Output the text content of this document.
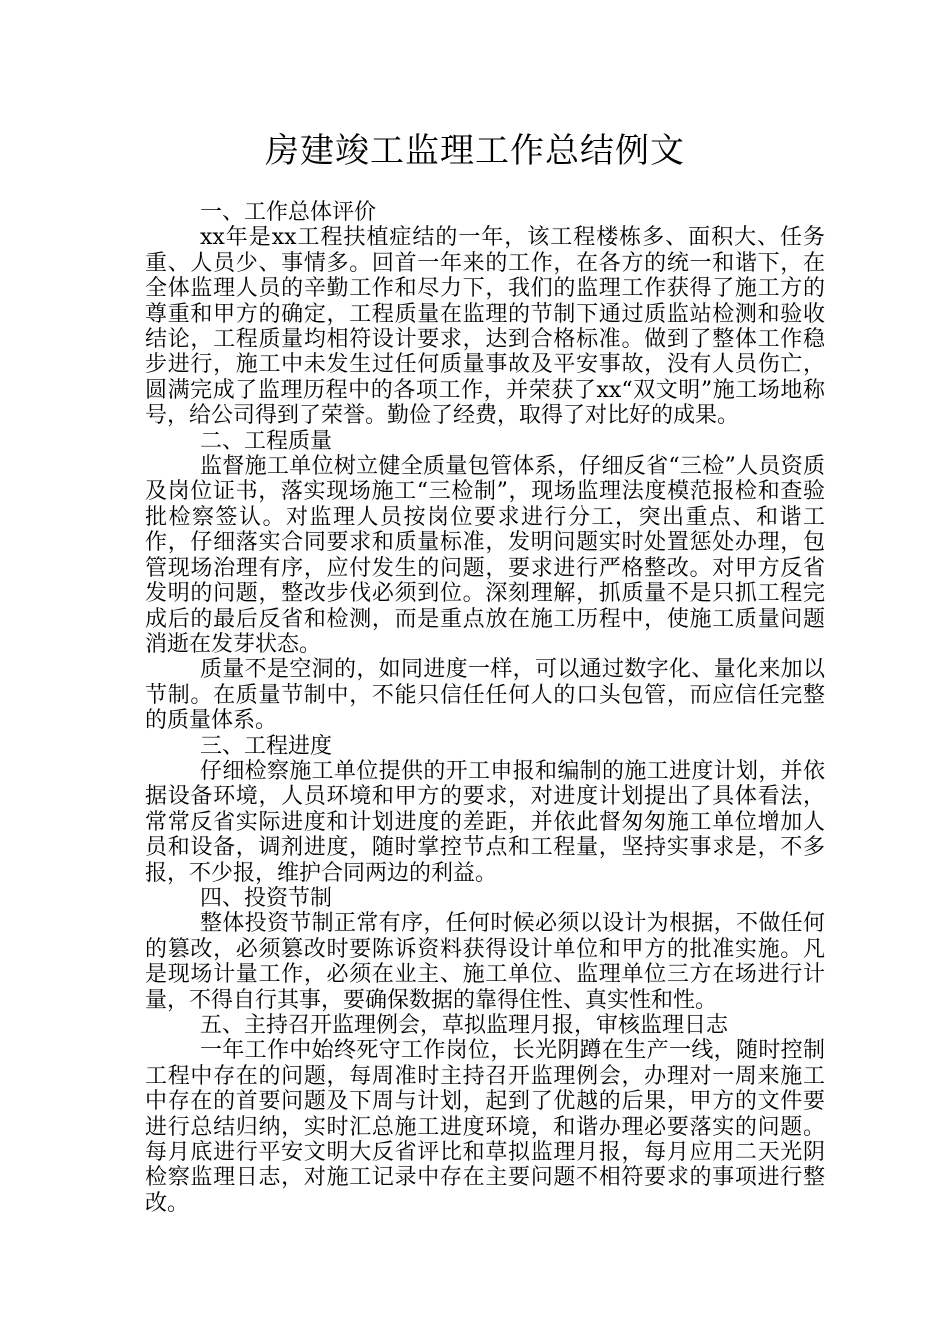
房建竣工监理工作总结例文

一、工作总体评价

xx年是xx工程扶植症结的一年，该工程楼栋多、面积大、任务重、人员少、事情多。回首一年来的工作，在各方的统一和谐下，在全体监理人员的辛勤工作和尽力下，我们的监理工作获得了施工方的尊重和甲方的确定，工程质量在监理的节制下通过质监站检测和验收结论，工程质量均相符设计要求，达到合格标准。做到了整体工作稳步进行，施工中未发生过任何质量事故及平安事故，没有人员伤亡，圆满完成了监理历程中的各项工作，并荣获了xx“双文明”施工场地称号，给公司得到了荣誉。勤俭了经费，取得了对比好的成果。

二、工程质量

监督施工单位树立健全质量包管体系，仔细反省“三检”人员资质及岗位证书，落实现场施工“三检制”，现场监理法度模范报检和查验批检察签认。对监理人员按岗位要求进行分工，突出重点、和谐工作，仔细落实合同要求和质量标准，发明问题实时处置惩处办理，包管现场治理有序，应付发生的问题，要求进行严格整改。对甲方反省发明的问题，整改步伐必须到位。深刻理解，抓质量不是只抓工程完成后的最后反省和检测，而是重点放在施工历程中，使施工质量问题消逝在发芽状态。

质量不是空洞的，如同进度一样，可以通过数字化、量化来加以节制。在质量节制中，不能只信任任何人的口头包管，而应信任完整的质量体系。

三、工程进度

仔细检察施工单位提供的开工申报和编制的施工进度计划，并依据设备环境，人员环境和甲方的要求，对进度计划提出了具体看法，常常反省实际进度和计划进度的差距，并依此督匆匆施工单位增加人员和设备，调剂进度，随时掌控节点和工程量，坚持实事求是，不多报，不少报，维护合同两边的利益。

四、投资节制

整体投资节制正常有序，任何时候必须以设计为根据，不做任何的篡改，必须篡改时要陈诉资料获得设计单位和甲方的批准实施。凡是现场计量工作，必须在业主、施工单位、监理单位三方在场进行计量，不得自行其事，要确保数据的靠得住性、真实性和性。

五、主持召开监理例会，草拟监理月报，审核监理日志

一年工作中始终死守工作岗位，长光阴蹲在生产一线，随时控制工程中存在的问题，每周准时主持召开监理例会，办理对一周来施工中存在的首要问题及下周与计划，起到了优越的后果，甲方的文件要进行总结归纳，实时汇总施工进度环境，和谐办理必要落实的问题。每月底进行平安文明大反省评比和草拟监理月报，每月应用二天光阴检察监理日志，对施工记录中存在主要问题不相符要求的事项进行整改。
